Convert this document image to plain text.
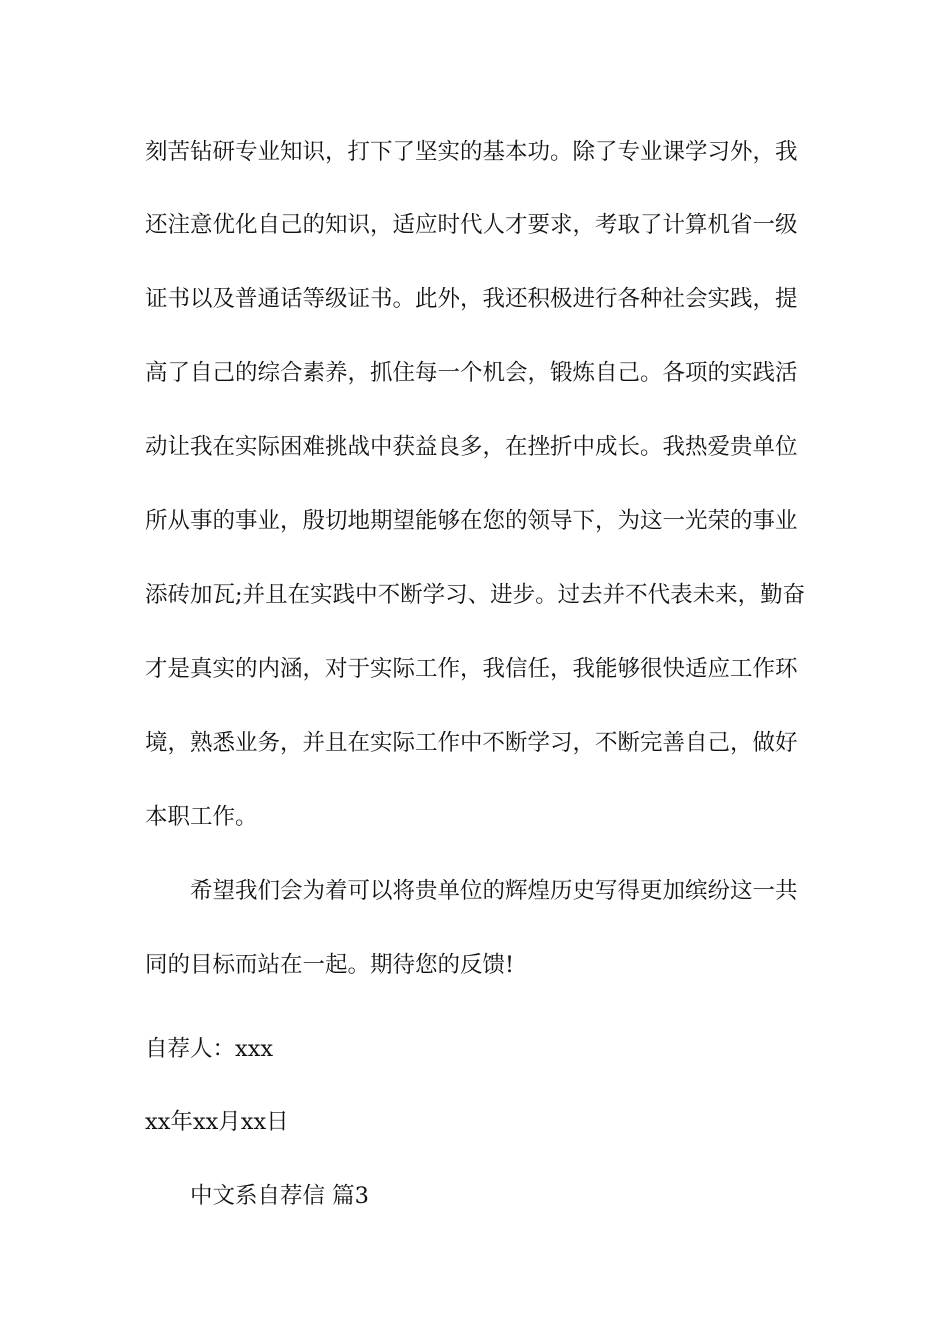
刻苦钻研专业知识，打下了坚实的基本功。除了专业课学习外，我
还注意优化自己的知识，适应时代人才要求，考取了计算机省一级
证书以及普通话等级证书。此外，我还积极进行各种社会实践，提
高了自己的综合素养，抓住每一个机会，锻炼自己。各项的实践活
动让我在实际困难挑战中获益良多，在挫折中成长。我热爱贵单位
所从事的事业，殷切地期望能够在您的领导下，为这一光荣的事业
添砖加瓦;并且在实践中不断学习、进步。过去并不代表未来，勤奋
才是真实的内涵，对于实际工作，我信任，我能够很快适应工作环
境，熟悉业务，并且在实际工作中不断学习，不断完善自己，做好
本职工作。
希望我们会为着可以将贵单位的辉煌历史写得更加缤纷这一共
同的目标而站在一起。期待您的反馈!
自荐人：xxx
xx年xx月xx日
中文系自荐信 篇3
